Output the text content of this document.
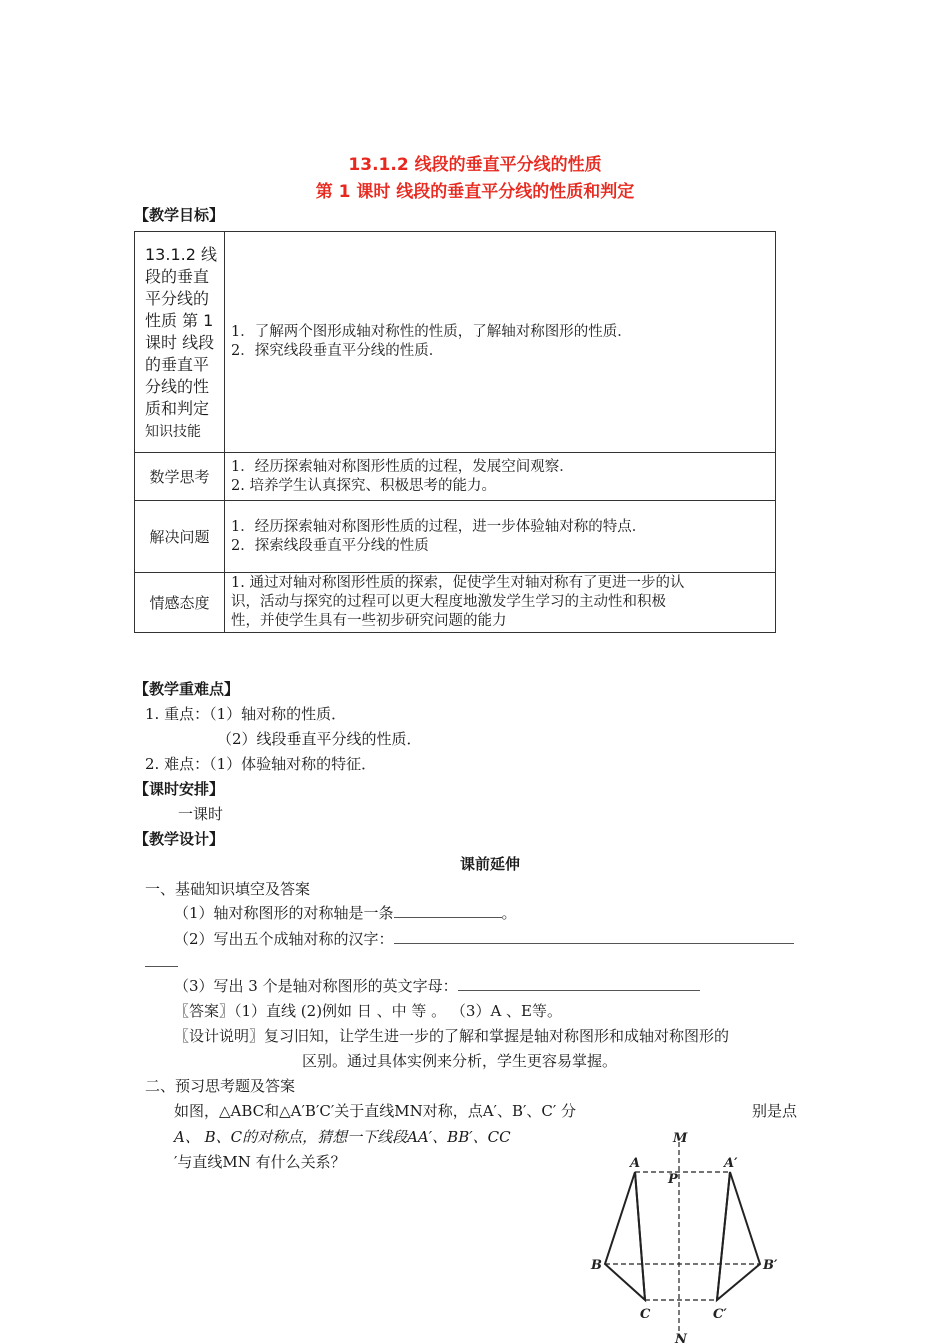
13.1.2 线段的垂直平分线的性质
第 1 课时 线段的垂直平分线的性质和判定
【教学目标】
13.1.2 线段的垂直平分线的性质 第 1 课时 线段的垂直平分线的性质和判定知识技能	1．了解两个图形成轴对称性的性质，了解轴对称图形的性质．
2．探究线段垂直平分线的性质．

数学思考	1．经历探索轴对称图形性质的过程，发展空间观察．
2. 培养学生认真探究、积极思考的能力。

解决问题	1．经历探索轴对称图形性质的过程，进一步体验轴对称的特点．
2．探索线段垂直平分线的性质

情感态度	1. 通过对轴对称图形性质的探索，促使学生对轴对称有了更进一步的认
识，活动与探究的过程可以更大程度地激发学生学习的主动性和积极
性，并使学生具有一些初步研究问题的能力
【教学重难点】
1. 重点：（1）轴对称的性质．
（2）线段垂直平分线的性质．
2. 难点：（1）体验轴对称的特征．
【课时安排】
一课时
【教学设计】
课前延伸
一、基础知识填空及答案
（1）轴对称图形的对称轴是一条	。
（2）写出五个成轴对称的汉字：
（3）写出 3 个是轴对称图形的英文字母：
〖答案〗（1）直线 (2)例如 日 、中 等 。 （3）A 、E等。
〖设计说明〗复习旧知，让学生进一步的了解和掌握是轴对称图形和成轴对称图形的
区别。通过具体实例来分析，学生更容易掌握。
二、预习思考题及答案
如图，△ABC和△A′B′C′关于直线MN对称，点A′、B′、C′ 分	别是点
A、 B、C的对称点，猜想一下线段AA′、BB′、CC
′与直线MN 有什么关系？
M
N
A	A′
P
B	B′
C	C′
